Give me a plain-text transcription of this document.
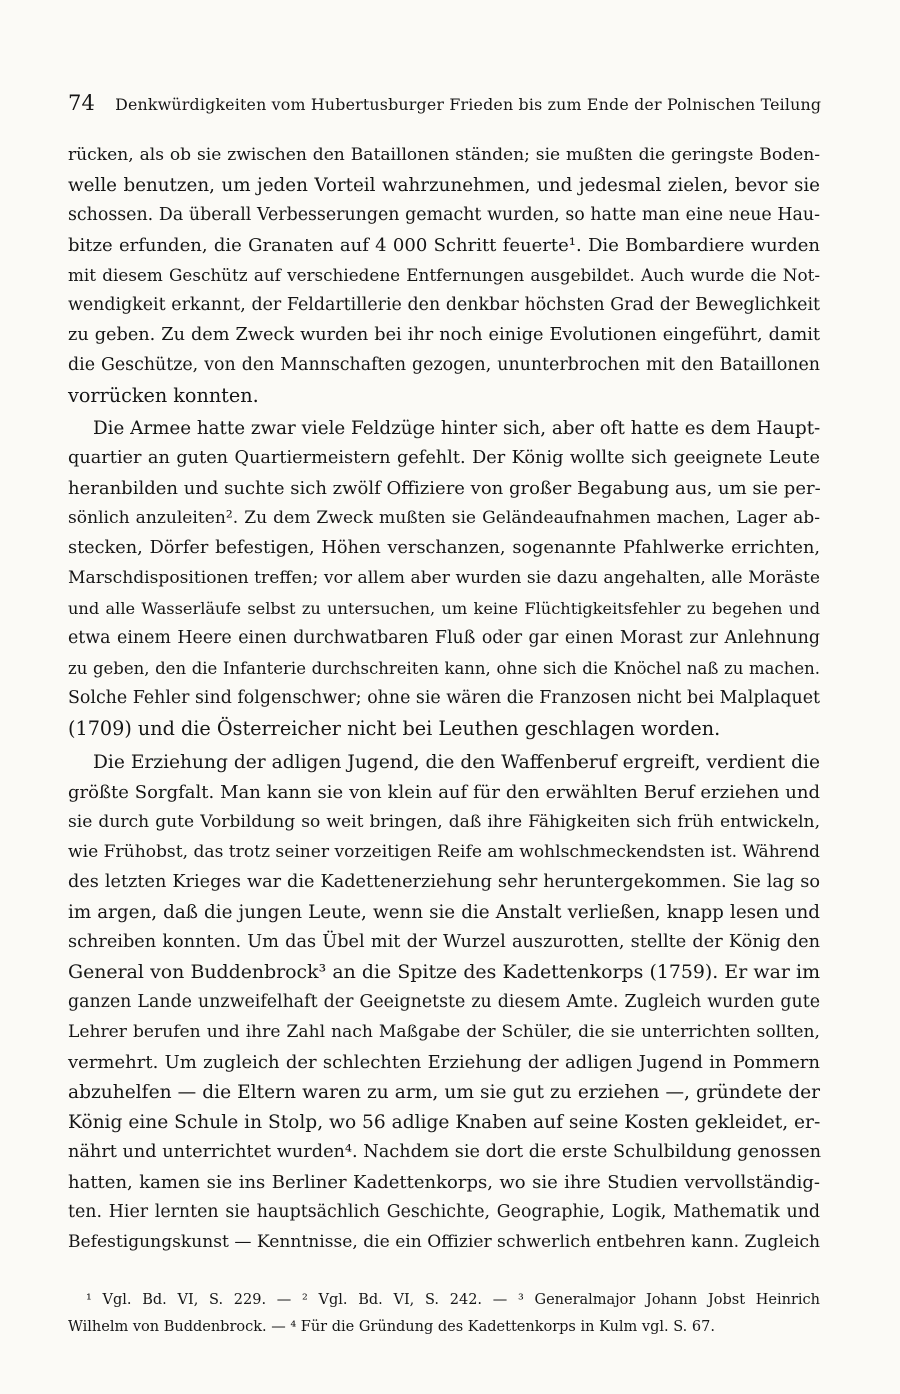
74 Denkwürdigkeiten vom Hubertusburger Frieden bis zum Ende der Polnischen Teilung
rücken, als ob sie zwischen den Bataillonen ständen; sie mußten die geringste Boden-
welle benutzen, um jeden Vorteil wahrzunehmen, und jedesmal zielen, bevor sie
schossen. Da überall Verbesserungen gemacht wurden, so hatte man eine neue Hau-
bitze erfunden, die Granaten auf 4 000 Schritt feuerte¹. Die Bombardiere wurden
mit diesem Geschütz auf verschiedene Entfernungen ausgebildet. Auch wurde die Not-
wendigkeit erkannt, der Feldartillerie den denkbar höchsten Grad der Beweglichkeit
zu geben. Zu dem Zweck wurden bei ihr noch einige Evolutionen eingeführt, damit
die Geschütze, von den Mannschaften gezogen, ununterbrochen mit den Bataillonen
vorrücken konnten.
Die Armee hatte zwar viele Feldzüge hinter sich, aber oft hatte es dem Haupt-
quartier an guten Quartiermeistern gefehlt. Der König wollte sich geeignete Leute
heranbilden und suchte sich zwölf Offiziere von großer Begabung aus, um sie per-
sönlich anzuleiten². Zu dem Zweck mußten sie Geländeaufnahmen machen, Lager ab-
stecken, Dörfer befestigen, Höhen verschanzen, sogenannte Pfahlwerke errichten,
Marschdispositionen treffen; vor allem aber wurden sie dazu angehalten, alle Moräste
und alle Wasserläufe selbst zu untersuchen, um keine Flüchtigkeitsfehler zu begehen und
etwa einem Heere einen durchwatbaren Fluß oder gar einen Morast zur Anlehnung
zu geben, den die Infanterie durchschreiten kann, ohne sich die Knöchel naß zu machen.
Solche Fehler sind folgenschwer; ohne sie wären die Franzosen nicht bei Malplaquet
(1709) und die Österreicher nicht bei Leuthen geschlagen worden.
Die Erziehung der adligen Jugend, die den Waffenberuf ergreift, verdient die
größte Sorgfalt. Man kann sie von klein auf für den erwählten Beruf erziehen und
sie durch gute Vorbildung so weit bringen, daß ihre Fähigkeiten sich früh entwickeln,
wie Frühobst, das trotz seiner vorzeitigen Reife am wohlschmeckendsten ist. Während
des letzten Krieges war die Kadettenerziehung sehr heruntergekommen. Sie lag so
im argen, daß die jungen Leute, wenn sie die Anstalt verließen, knapp lesen und
schreiben konnten. Um das Übel mit der Wurzel auszurotten, stellte der König den
General von Buddenbrock³ an die Spitze des Kadettenkorps (1759). Er war im
ganzen Lande unzweifelhaft der Geeignetste zu diesem Amte. Zugleich wurden gute
Lehrer berufen und ihre Zahl nach Maßgabe der Schüler, die sie unterrichten sollten,
vermehrt. Um zugleich der schlechten Erziehung der adligen Jugend in Pommern
abzuhelfen — die Eltern waren zu arm, um sie gut zu erziehen —, gründete der
König eine Schule in Stolp, wo 56 adlige Knaben auf seine Kosten gekleidet, er-
nährt und unterrichtet wurden⁴. Nachdem sie dort die erste Schulbildung genossen
hatten, kamen sie ins Berliner Kadettenkorps, wo sie ihre Studien vervollständig-
ten. Hier lernten sie hauptsächlich Geschichte, Geographie, Logik, Mathematik und
Befestigungskunst — Kenntnisse, die ein Offizier schwerlich entbehren kann. Zugleich
¹ Vgl. Bd. VI, S. 229. — ² Vgl. Bd. VI, S. 242. — ³ Generalmajor Johann Jobst Heinrich
Wilhelm von Buddenbrock. — ⁴ Für die Gründung des Kadettenkorps in Kulm vgl. S. 67.
